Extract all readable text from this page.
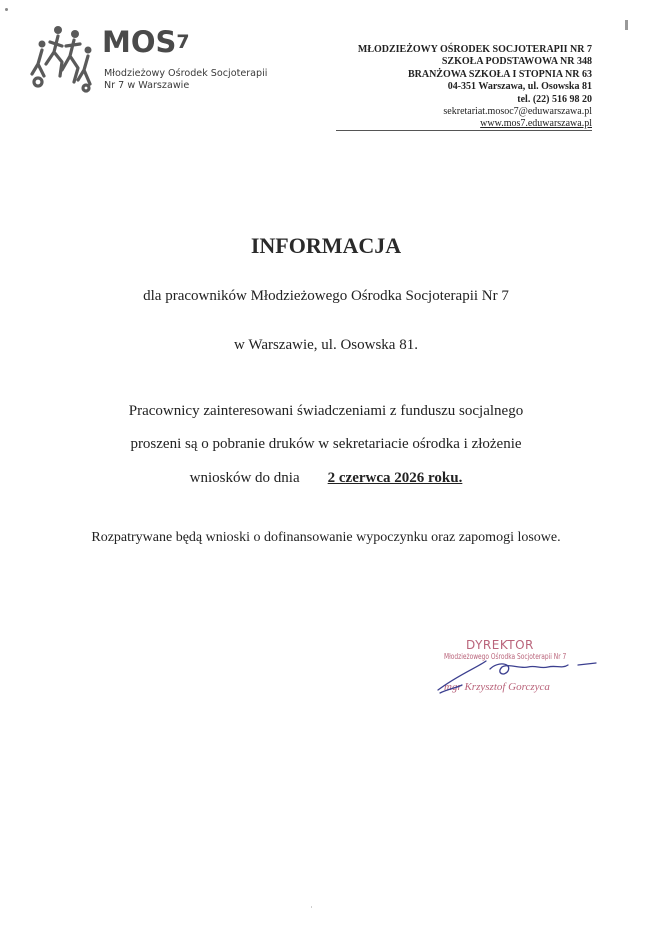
MOS$^7$
Młodzieżowy Ośrodek Socjoterapii
Nr 7 w Warszawie
MŁODZIEŻOWY OŚRODEK SOCJOTERAPII NR 7
SZKOŁA PODSTAWOWA NR 348
BRANŻOWA SZKOŁA I STOPNIA NR 63
04-351 Warszawa, ul. Osowska 81
tel. (22) 516 98 20
sekretariat.mosoc7@eduwarszawa.pl
www.mos7.eduwarszawa.pl
INFORMACJA
dla pracowników Młodzieżowego Ośrodka Socjoterapii Nr 7
w Warszawie, ul. Osowska 81.
Pracownicy zainteresowani świadczeniami z funduszu socjalnego
proszeni są o pobranie druków w sekretariacie ośrodka i złożenie
wniosków do dnia 2 czerwca 2026 roku.
Rozpatrywane będą wnioski o dofinansowanie wypoczynku oraz zapomogi losowe.
DYREKTOR
Młodzieżowego Ośrodka Socjoterapii Nr 7
mgr Krzysztof Gorczyca
ʾ
